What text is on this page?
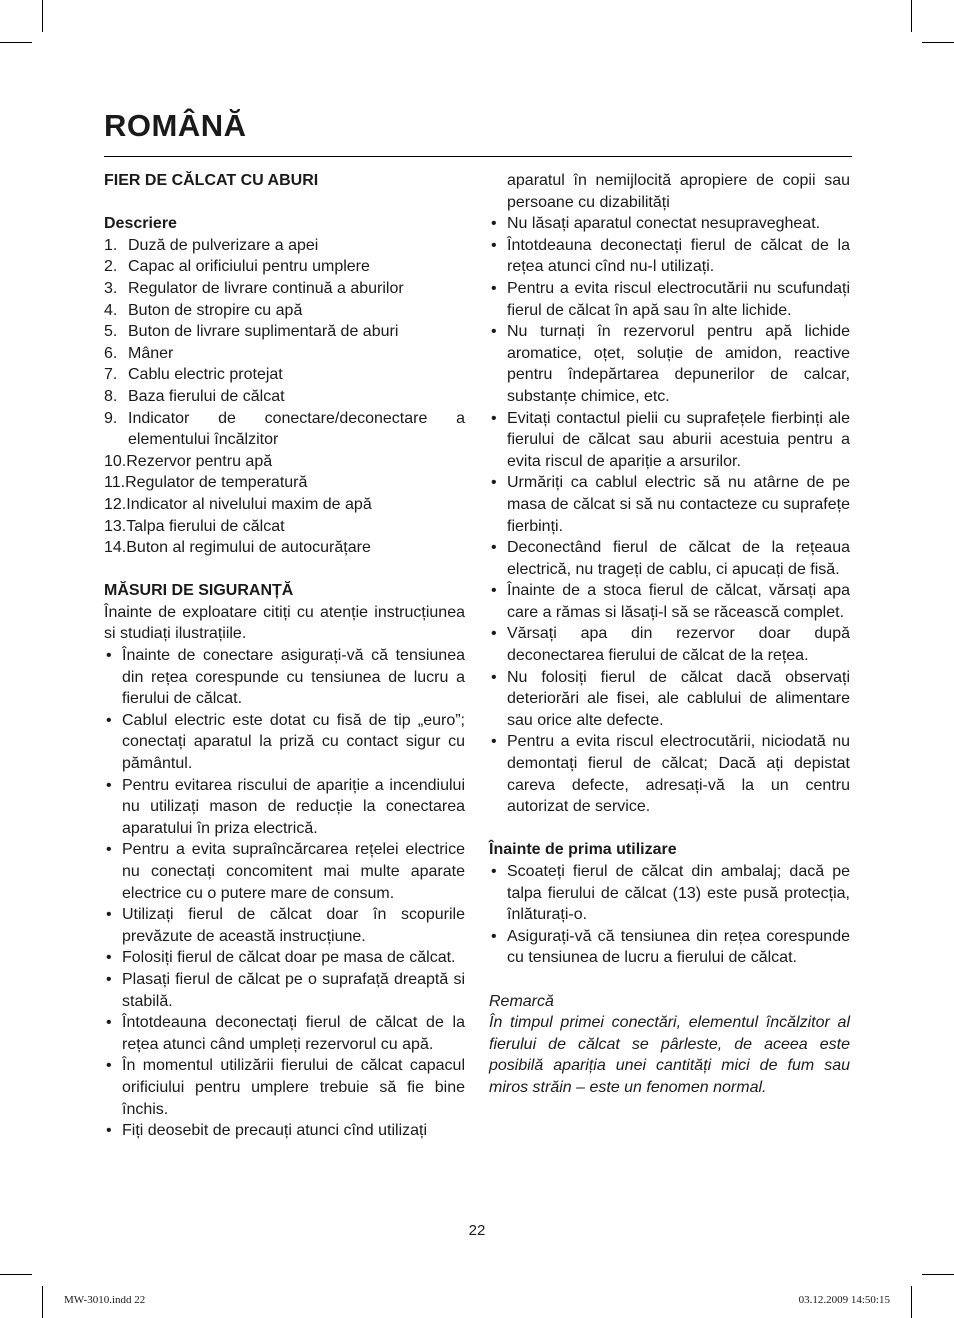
ROMÂNĂ
FIER DE CĂLCAT CU ABURI
Descriere
1. Duză de pulverizare a apei
2. Capac al orificiului pentru umplere
3. Regulator de livrare continuă a aburilor
4. Buton de stropire cu apă
5. Buton de livrare suplimentară de aburi
6. Mâner
7. Cablu electric protejat
8. Baza fierului de călcat
9. Indicator de conectare/deconectare a elementului încălzitor
10. Rezervor pentru apă
11. Regulator de temperatură
12. Indicator al nivelului maxim de apă
13. Talpa fierului de călcat
14. Buton al regimului de autocurățare
MĂSURI DE SIGURANȚĂ

Înainte de exploatare citiți cu atenție instrucțiunea si studiați ilustrațiile.

• Înainte de conectare asigurați-vă că tensiunea din rețea corespunde cu tensiunea de lucru a fierului de călcat.
• Cablul electric este dotat cu fisă de tip „euro”; conectați aparatul la priză cu contact sigur cu pământul.
• Pentru evitarea riscului de apariție a incendiului nu utilizați mason de reducție la conectarea aparatului în priza electrică.
• Pentru a evita supraîncărcarea rețelei electrice nu conectați concomitent mai multe aparate electrice cu o putere mare de consum.
• Utilizați fierul de călcat doar în scopurile prevăzute de această instrucțiune.
• Folosiți fierul de călcat doar pe masa de călcat.
• Plasați fierul de călcat pe o suprafață dreaptă si stabilă.
• Întotdeauna deconectați fierul de călcat de la rețea atunci când umpleți rezervorul cu apă.
• În momentul utilizării fierului de călcat capacul orificiului pentru umplere trebuie să fie bine închis.
• Fiți deosebit de precauți atunci cînd utilizați
aparatul în nemijlocită apropiere de copii sau persoane cu dizabilități
• Nu lăsați aparatul conectat nesupravegheat.
• Întotdeauna deconectați fierul de călcat de la rețea atunci cînd nu-l utilizați.
• Pentru a evita riscul electrocutării nu scufundați fierul de călcat în apă sau în alte lichide.
• Nu turnați în rezervorul pentru apă lichide aromatice, oțet, soluție de amidon, reactive pentru îndepărtarea depunerilor de calcar, substanțe chimice, etc.
• Evitați contactul pielii cu suprafețele fierbinți ale fierului de călcat sau aburii acestuia pentru a evita riscul de apariție a arsurilor.
• Urmăriți ca cablul electric să nu atârne de pe masa de călcat si să nu contacteze cu suprafețe fierbinți.
• Deconectând fierul de călcat de la rețeaua electrică, nu trageți de cablu, ci apucați de fisă.
• Înainte de a stoca fierul de călcat, vărsați apa care a rămas si lăsați-l să se răcească complet.
• Vărsați apa din rezervor doar după deconectarea fierului de călcat de la rețea.
• Nu folosiți fierul de călcat dacă observați deteriorări ale fisei, ale cablului de alimentare sau orice alte defecte.
• Pentru a evita riscul electrocutării, niciodată nu demontați fierul de călcat; Dacă ați depistat careva defecte, adresați-vă la un centru autorizat de service.
Înainte de prima utilizare
• Scoateți fierul de călcat din ambalaj; dacă pe talpa fierului de călcat (13) este pusă protecția, înlăturați-o.
• Asigurați-vă că tensiunea din rețea corespunde cu tensiunea de lucru a fierului de călcat.

Remarcă

În timpul primei conectări, elementul încălzitor al fierului de călcat se pârleste, de aceea este posibilă apariția unei cantități mici de fum sau miros străin – este un fenomen normal.

22
MW-3010.indd 22	03.12.2009 14:50:15
